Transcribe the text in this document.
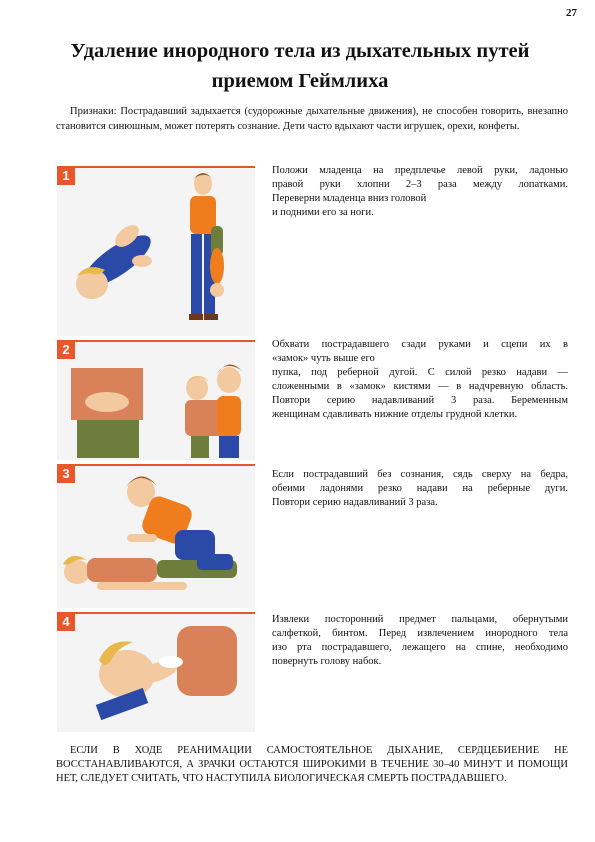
27
Удаление инородного тела из дыхательных путей
приемом Геймлиха

Признаки: Пострадавший задыхается (судорожные дыхательные движения), не способен говорить, внезапно становится синюшным, может потерять сознание. Дети часто вдыхают части игрушек, орехи, конфеты.

1	Положи младенца на предплечье левой руки, ладонью
правой руки хлопни 2–3 раза между лопатками.
Переверни младенца вниз головой
и подними его за ноги.

2	Обхвати пострадавшего сзади руками и сцепи их в
«замок» чуть выше его
пупка, под реберной дугой. С силой резко надави —
сложенными в «замок» кистями — в надчревную область.
Повтори серию надавливаний 3 раза. Беременным
женщинам сдавливать нижние отделы грудной клетки.

3	Если пострадавший без сознания, сядь сверху на бедра,
обеими ладонями резко надави на реберные дуги.
Повтори серию надавливаний 3 раза.

4	Извлеки посторонний предмет пальцами, обернутыми
салфеткой, бинтом. Перед извлечением инородного тела
изо рта пострадавшего, лежащего на спине, необходимо
повернуть голову набок.

ЕСЛИ В ХОДЕ РЕАНИМАЦИИ САМОСТОЯТЕЛЬНОЕ ДЫХАНИЕ, СЕРДЦЕБИЕНИЕ НЕ ВОССТАНАВЛИВАЮТСЯ, А ЗРАЧКИ ОСТАЮТСЯ ШИРОКИМИ В ТЕЧЕНИЕ 30–40 МИНУТ И ПОМОЩИ НЕТ, СЛЕДУЕТ СЧИТАТЬ, ЧТО НАСТУПИЛА БИОЛОГИЧЕСКАЯ СМЕРТЬ ПОСТРАДАВШЕГО.
